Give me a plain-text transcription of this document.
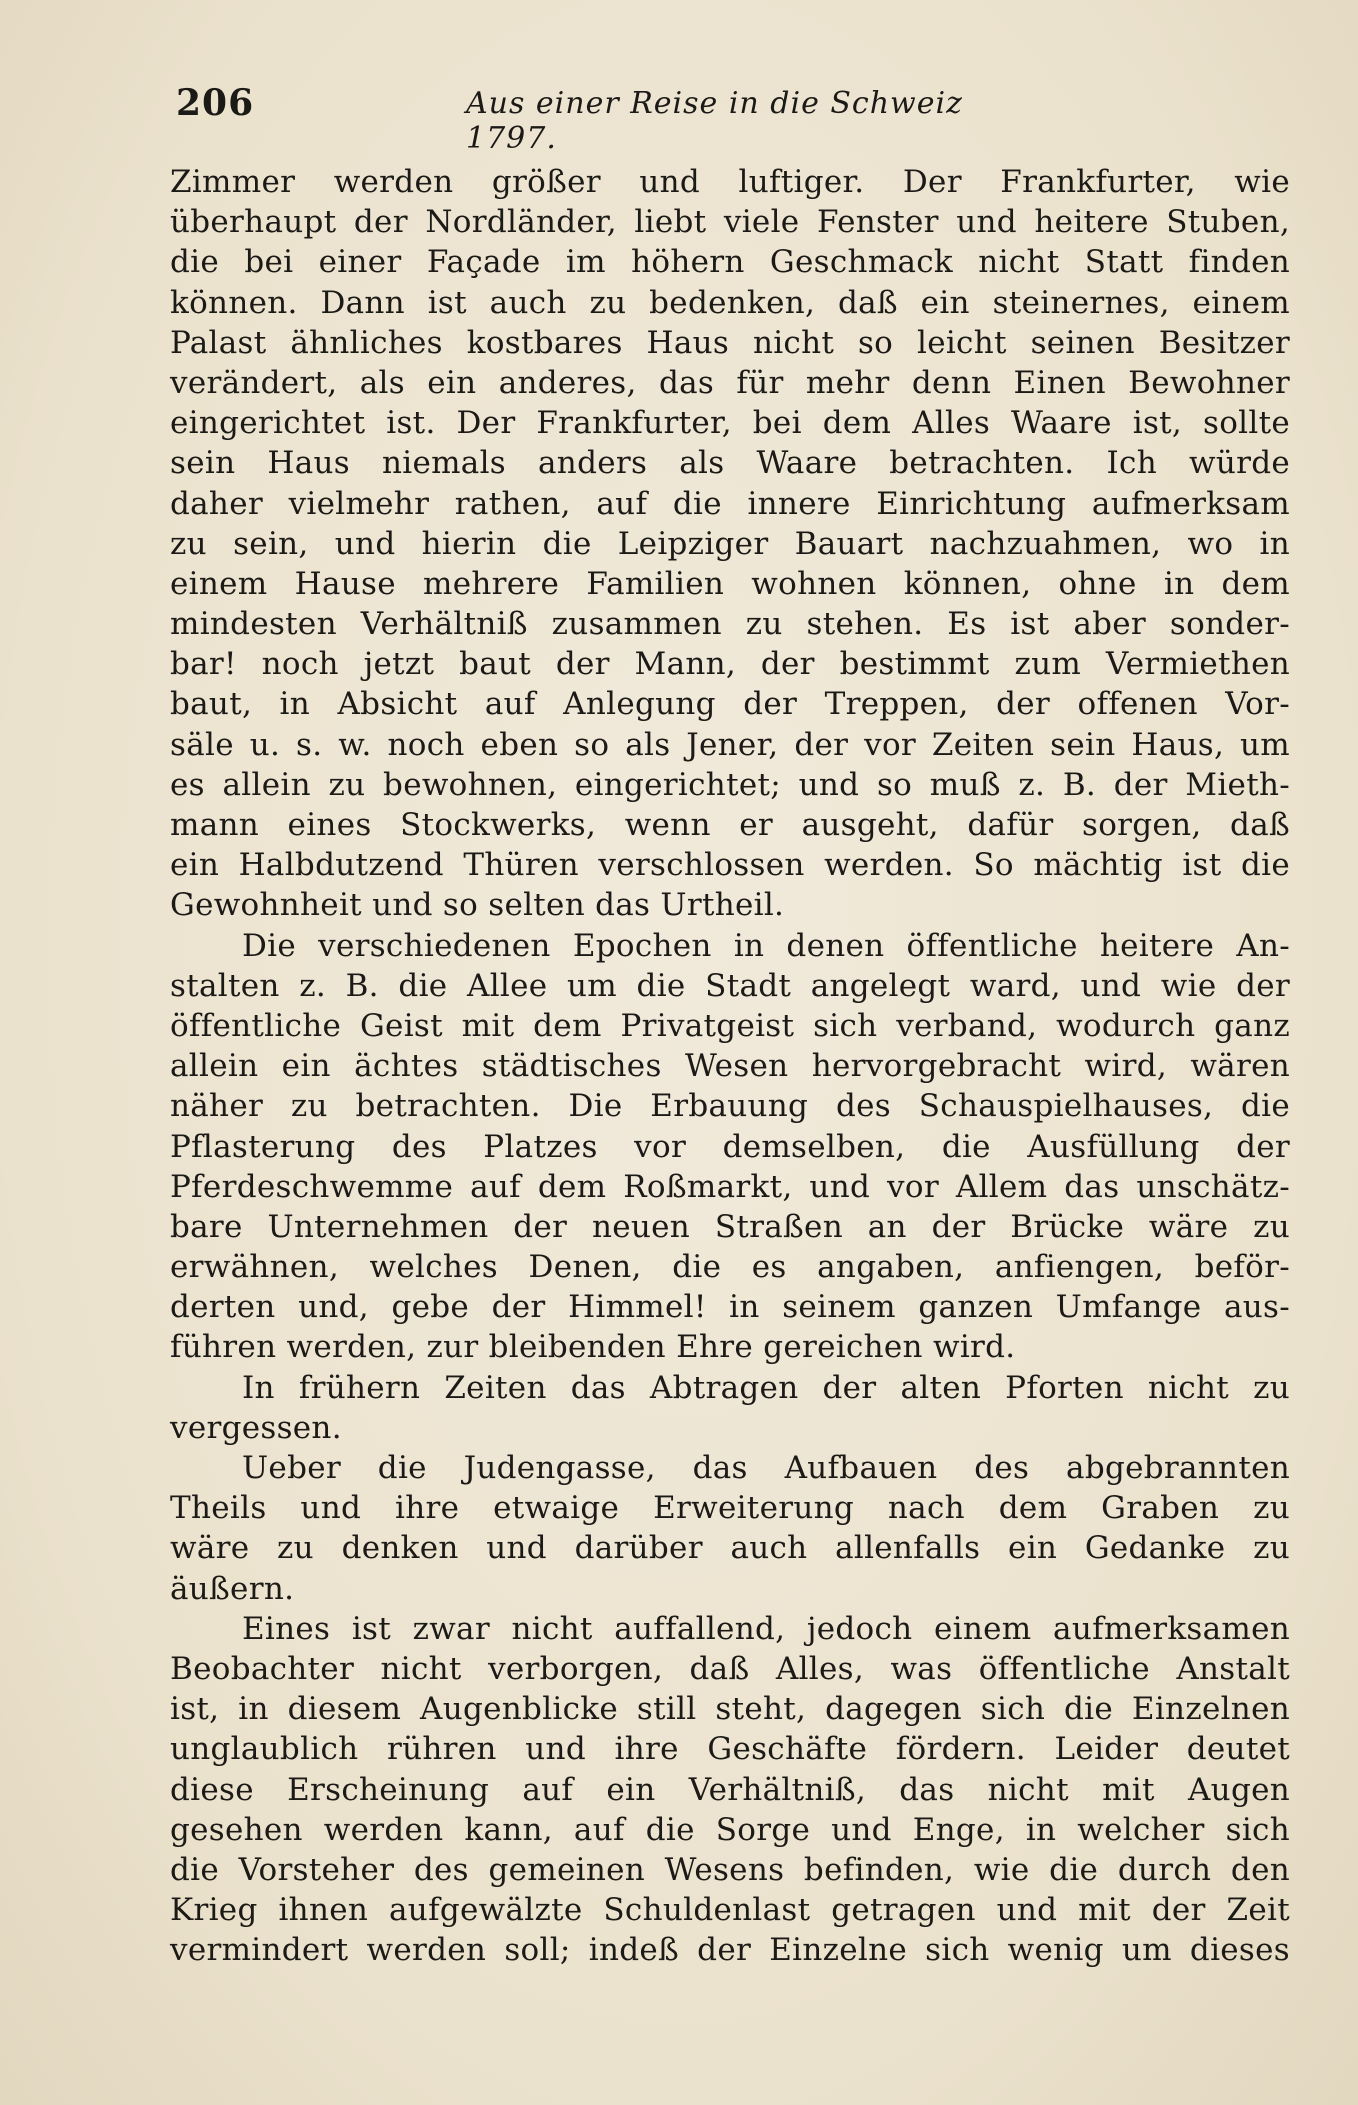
206	Aus einer Reise in die Schweiz 1797.
Zimmer werden größer und luftiger. Der Frankfurter, wie
überhaupt der Nordländer, liebt viele Fenster und heitere Stuben,
die bei einer Façade im höhern Geschmack nicht Statt finden
können. Dann ist auch zu bedenken, daß ein steinernes, einem
Palast ähnliches kostbares Haus nicht so leicht seinen Besitzer
verändert, als ein anderes, das für mehr denn Einen Bewohner
eingerichtet ist. Der Frankfurter, bei dem Alles Waare ist, sollte
sein Haus niemals anders als Waare betrachten. Ich würde
daher vielmehr rathen, auf die innere Einrichtung aufmerksam
zu sein, und hierin die Leipziger Bauart nachzuahmen, wo in
einem Hause mehrere Familien wohnen können, ohne in dem
mindesten Verhältniß zusammen zu stehen. Es ist aber sonder-
bar! noch jetzt baut der Mann, der bestimmt zum Vermiethen
baut, in Absicht auf Anlegung der Treppen, der offenen Vor-
säle u. s. w. noch eben so als Jener, der vor Zeiten sein Haus, um
es allein zu bewohnen, eingerichtet; und so muß z. B. der Mieth-
mann eines Stockwerks, wenn er ausgeht, dafür sorgen, daß
ein Halbdutzend Thüren verschlossen werden. So mächtig ist die
Gewohnheit und so selten das Urtheil.
Die verschiedenen Epochen in denen öffentliche heitere An-
stalten z. B. die Allee um die Stadt angelegt ward, und wie der
öffentliche Geist mit dem Privatgeist sich verband, wodurch ganz
allein ein ächtes städtisches Wesen hervorgebracht wird, wären
näher zu betrachten. Die Erbauung des Schauspielhauses, die
Pflasterung des Platzes vor demselben, die Ausfüllung der
Pferdeschwemme auf dem Roßmarkt, und vor Allem das unschätz-
bare Unternehmen der neuen Straßen an der Brücke wäre zu
erwähnen, welches Denen, die es angaben, anfiengen, beför-
derten und, gebe der Himmel! in seinem ganzen Umfange aus-
führen werden, zur bleibenden Ehre gereichen wird.
In frühern Zeiten das Abtragen der alten Pforten nicht zu
vergessen.
Ueber die Judengasse, das Aufbauen des abgebrannten
Theils und ihre etwaige Erweiterung nach dem Graben zu
wäre zu denken und darüber auch allenfalls ein Gedanke zu
äußern.
Eines ist zwar nicht auffallend, jedoch einem aufmerksamen
Beobachter nicht verborgen, daß Alles, was öffentliche Anstalt
ist, in diesem Augenblicke still steht, dagegen sich die Einzelnen
unglaublich rühren und ihre Geschäfte fördern. Leider deutet
diese Erscheinung auf ein Verhältniß, das nicht mit Augen
gesehen werden kann, auf die Sorge und Enge, in welcher sich
die Vorsteher des gemeinen Wesens befinden, wie die durch den
Krieg ihnen aufgewälzte Schuldenlast getragen und mit der Zeit
vermindert werden soll; indeß der Einzelne sich wenig um dieses
